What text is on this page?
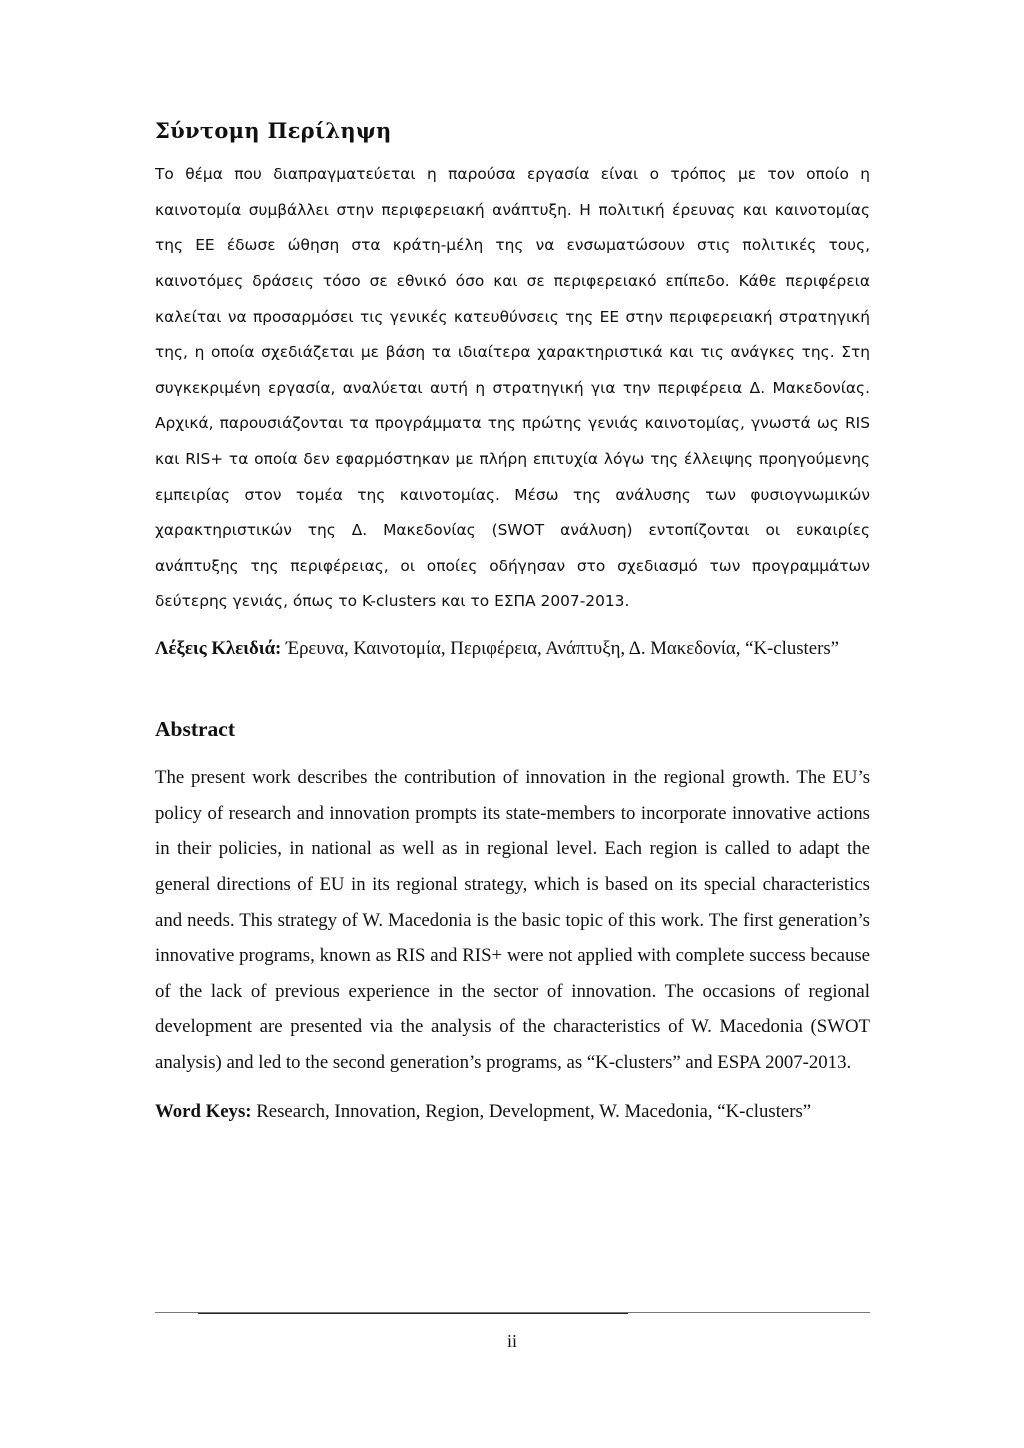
Σύντομη Περίληψη

Το θέμα που διαπραγματεύεται η παρούσα εργασία είναι ο τρόπος με τον οποίο η καινοτομία συμβάλλει στην περιφερειακή ανάπτυξη. Η πολιτική έρευνας και καινοτομίας της ΕΕ έδωσε ώθηση στα κράτη-μέλη της να ενσωματώσουν στις πολιτικές τους, καινοτόμες δράσεις τόσο σε εθνικό όσο και σε περιφερειακό επίπεδο. Κάθε περιφέρεια καλείται να προσαρμόσει τις γενικές κατευθύνσεις της ΕΕ στην περιφερειακή στρατηγική της, η οποία σχεδιάζεται με βάση τα ιδιαίτερα χαρακτηριστικά και τις ανάγκες της. Στη συγκεκριμένη εργασία, αναλύεται αυτή η στρατηγική για την περιφέρεια Δ. Μακεδονίας. Αρχικά, παρουσιάζονται τα προγράμματα της πρώτης γενιάς καινοτομίας, γνωστά ως RIS και RIS+ τα οποία δεν εφαρμόστηκαν με πλήρη επιτυχία λόγω της έλλειψης προηγούμενης εμπειρίας στον τομέα της καινοτομίας. Μέσω της ανάλυσης των φυσιογνωμικών χαρακτηριστικών της Δ. Μακεδονίας (SWOT ανάλυση) εντοπίζονται οι ευκαιρίες ανάπτυξης της περιφέρειας, οι οποίες οδήγησαν στο σχεδιασμό των προγραμμάτων δεύτερης γενιάς, όπως το K-clusters και το ΕΣΠΑ 2007-2013.

Λέξεις Κλειδιά: Έρευνα, Καινοτομία, Περιφέρεια, Ανάπτυξη, Δ. Μακεδονία, “K-clusters”

Abstract

The present work describes the contribution of innovation in the regional growth. The EU’s policy of research and innovation prompts its state-members to incorporate innovative actions in their policies, in national as well as in regional level. Each region is called to adapt the general directions of EU in its regional strategy, which is based on its special characteristics and needs. This strategy of W. Macedonia is the basic topic of this work. The first generation’s innovative programs, known as RIS and RIS+ were not applied with complete success because of the lack of previous experience in the sector of innovation. The occasions of regional development are presented via the analysis of the characteristics of W. Macedonia (SWOT analysis) and led to the second generation’s programs, as “K-clusters” and ESPA 2007-2013.

Word Keys: Research, Innovation, Region, Development, W. Macedonia, “K-clusters”

ii
